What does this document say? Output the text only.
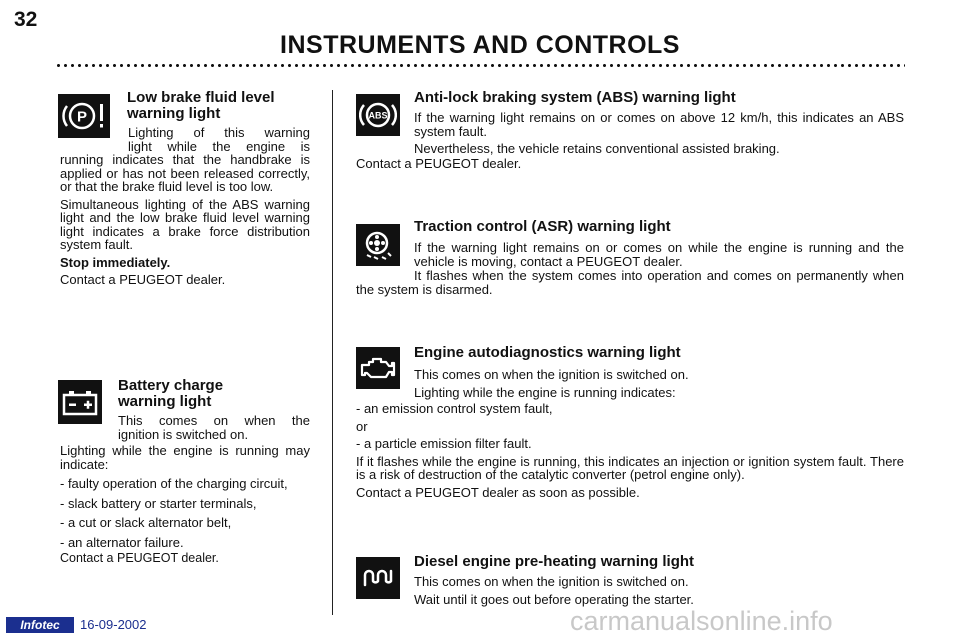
32
INSTRUMENTS AND CONTROLS
P

Low brake fluid level

warning light

Lighting of this warning

light while the engine is

running indicates that the handbrake is applied or has not been released correctly, or that the brake fluid level is too low.

Simultaneous lighting of the ABS warning light and the low brake fluid level warning light indicates a brake force distribution system fault.

Stop immediately.

Contact a PEUGEOT dealer.

Battery charge

warning light

This comes on when the

ignition is switched on.

Lighting while the engine is running may indicate:

- faulty operation of the charging circuit,

- slack battery or starter terminals,

- a cut or slack alternator belt,

- an alternator failure.

Contact a PEUGEOT dealer.

ABS

Anti-lock braking system (ABS) warning light

If the warning light remains on or comes on above 12 km/h, this indicates an ABS system fault.

Nevertheless, the vehicle retains conventional assisted braking.

Contact a PEUGEOT dealer.

Traction control (ASR) warning light

If the warning light remains on or comes on while the engine is running and the vehicle is moving, contact a PEUGEOT dealer.

It flashes when the system comes into operation and comes on permanently when the system is disarmed.

Engine autodiagnostics warning light

This comes on when the ignition is switched on.

Lighting while the engine is running indicates:

- an emission control system fault,

or

- a particle emission filter fault.

If it flashes while the engine is running, this indicates an injection or ignition system fault. There is a risk of destruction of the catalytic converter (petrol engine only).

Contact a PEUGEOT dealer as soon as possible.

Diesel engine pre-heating warning light

This comes on when the ignition is switched on.

Wait until it goes out before operating the starter.

Infotec	16-09-2002	carmanualsonline.info
